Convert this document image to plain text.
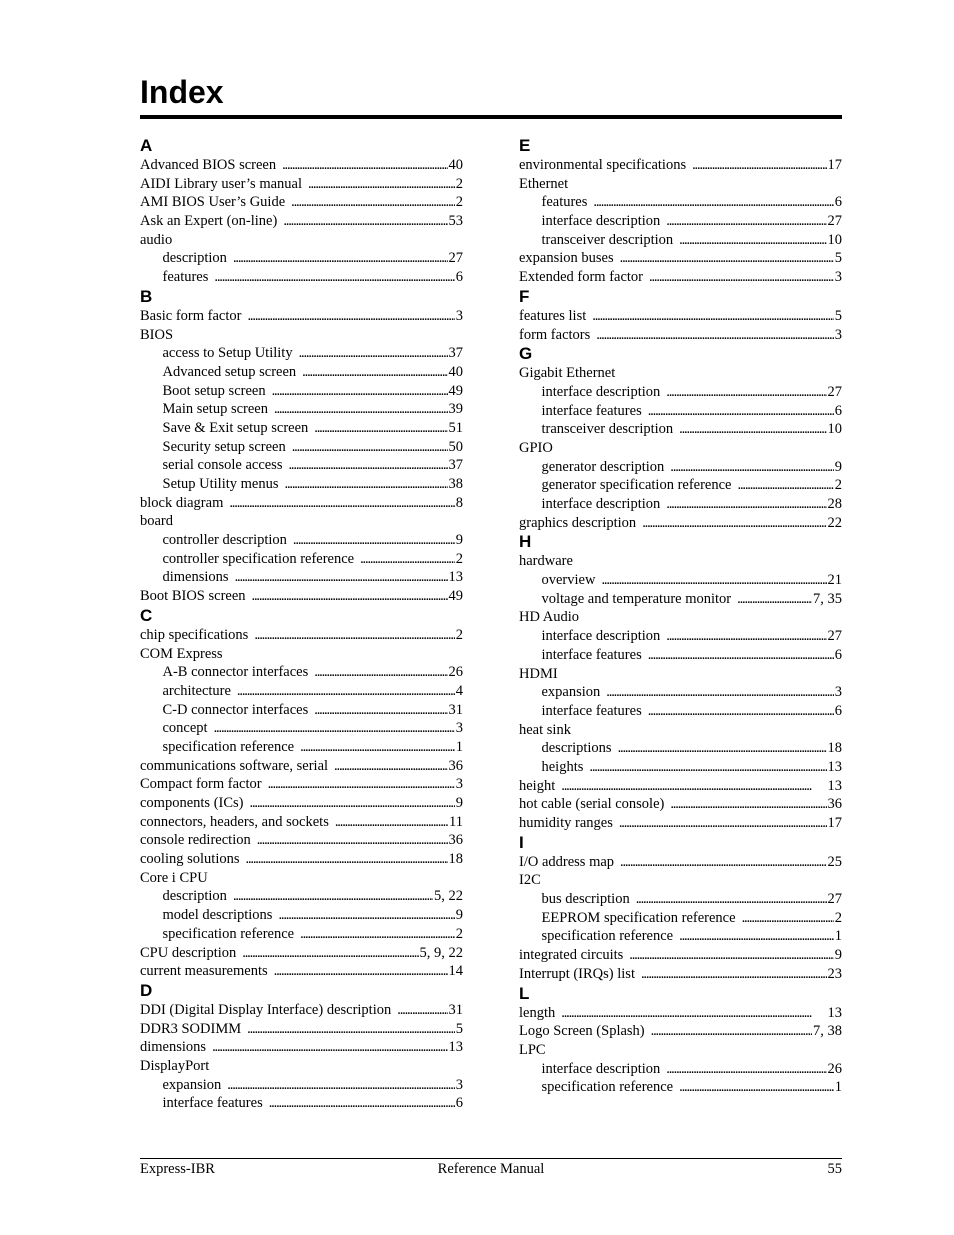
Index
A
Advanced BIOS screen . . .	40
AIDI Library user’s manual . . .	2
AMI BIOS User’s Guide . . .	2
Ask an Expert (on-line) . . .	53
audio
description . . .	27
features . . .	6
B
Basic form factor . . .	3
BIOS
access to Setup Utility . . .	37
Advanced setup screen . . .	40
Boot setup screen . . .	49
Main setup screen . . .	39
Save & Exit setup screen . . .	51
Security setup screen . . .	50
serial console access . . .	37
Setup Utility menus . . .	38
block diagram . . .	8
board
controller description . . .	9
controller specification reference . . .	2
dimensions . . .	13
Boot BIOS screen . . .	49
C
chip specifications . . .	2
COM Express
A-B connector interfaces . . .	26
architecture . . .	4
C-D connector interfaces . . .	31
concept . . .	3
specification reference . . .	1
communications software, serial . . .	36
Compact form factor . . .	3
components (ICs) . . .	9
connectors, headers, and sockets . . .	11
console redirection . . .	36
cooling solutions . . .	18
Core i CPU
description . . .	5, 22
model descriptions . . .	9
specification reference . . .	2
CPU description . . .	5, 9, 22
current measurements . . .	14
D
DDI (Digital Display Interface) description . . .	31
DDR3 SODIMM . . .	5
dimensions . . .	13
DisplayPort
expansion . . .	3
interface features . . .	6
E
environmental specifications . . .	17
Ethernet
features . . .	6
interface description . . .	27
transceiver description . . .	10
expansion buses . . .	5
Extended form factor . . .	3
F
features list . . .	5
form factors . . .	3
G
Gigabit Ethernet
interface description . . .	27
interface features . . .	6
transceiver description . . .	10
GPIO
generator description . . .	9
generator specification reference . . .	2
interface description . . .	28
graphics description . . .	22
H
hardware
overview . . .	21
voltage and temperature monitor . . .	7, 35
HD Audio
interface description . . .	27
interface features . . .	6
HDMI
expansion . . .	3
interface features . . .	6
heat sink
descriptions . . .	18
heights . . .	13
height . . .	13
hot cable (serial console) . . .	36
humidity ranges . . .	17
I
I/O address map . . .	25
I2C
bus description . . .	27
EEPROM specification reference . . .	2
specification reference . . .	1
integrated circuits . . .	9
Interrupt (IRQs) list . . .	23
L
length . . .	13
Logo Screen (Splash) . . .	7, 38
LPC
interface description . . .	26
specification reference . . .	1
Express-IBR	Reference Manual	55
